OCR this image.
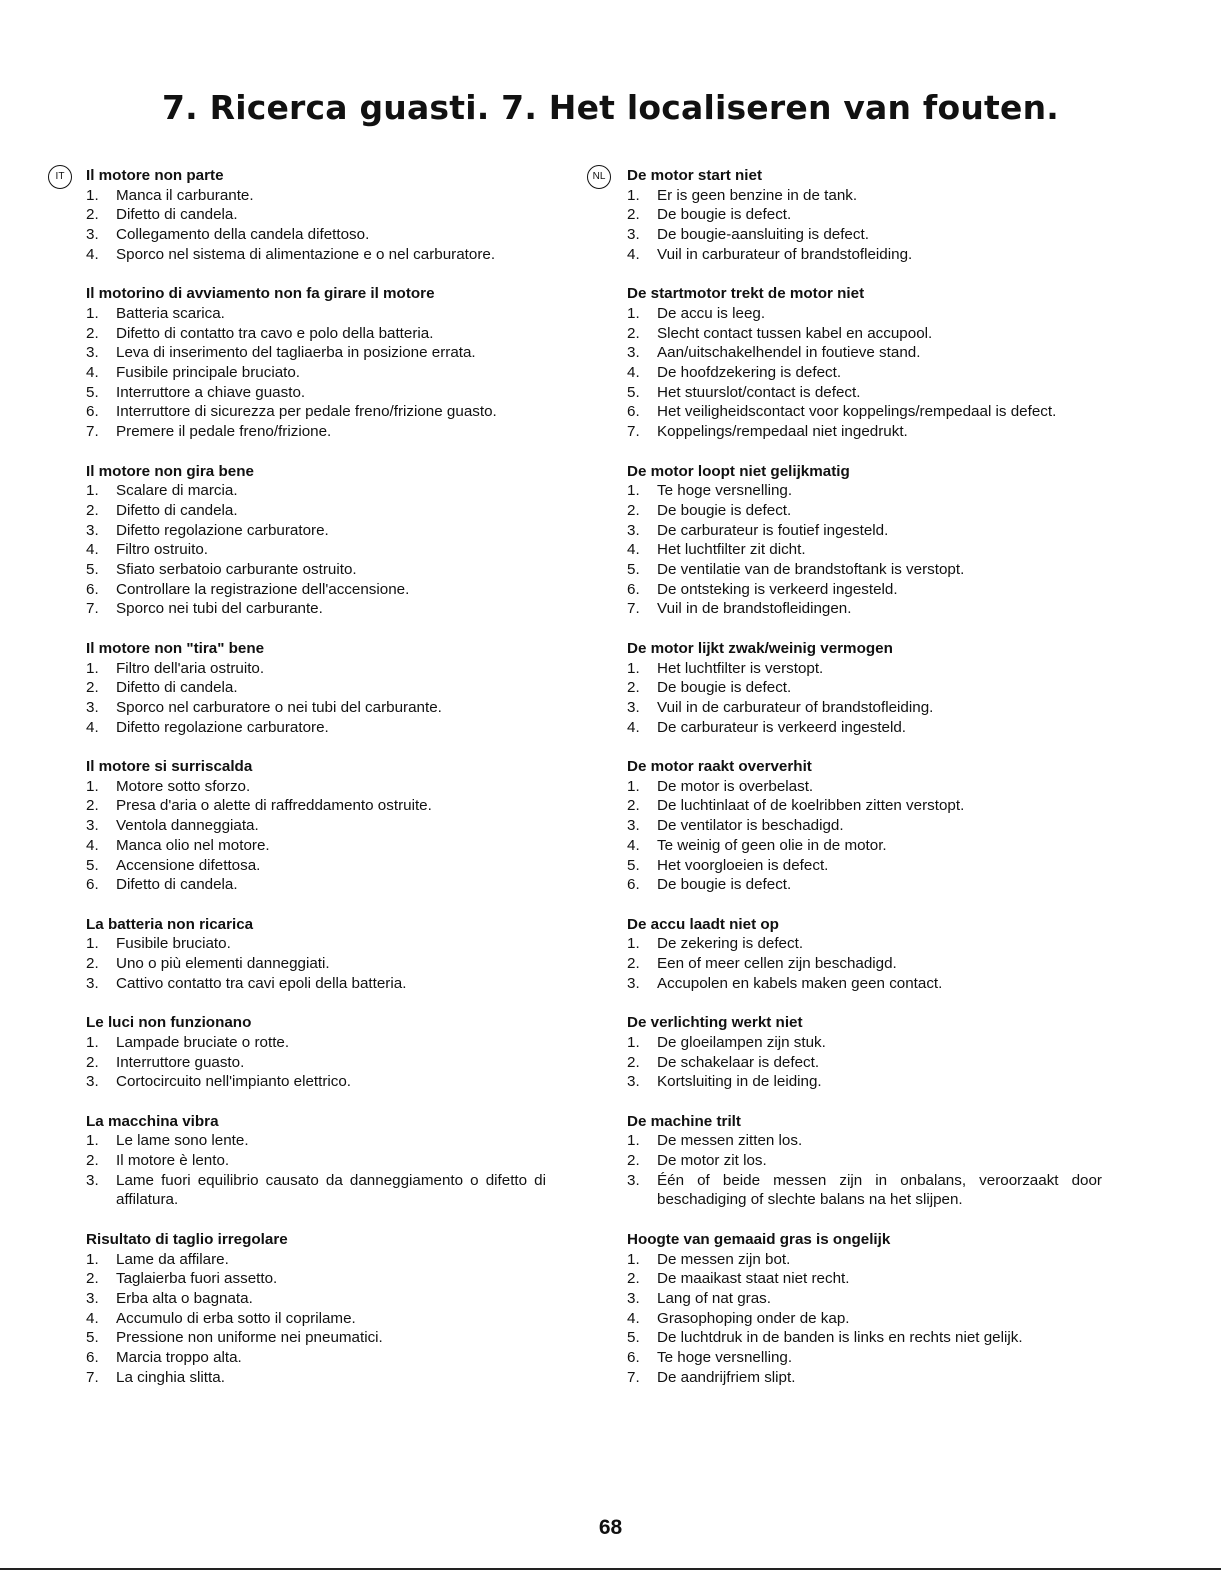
7. Ricerca guasti. 7. Het localiseren van fouten.
IT	Il motore non parte

1.	Manca il carburante.
2.	Difetto di candela.
3.	Collegamento della candela difettoso.
4.	Sporco nel sistema di alimentazione e o nel carburatore.

Il motorino di avviamento non fa girare il motore

1.	Batteria scarica.
2.	Difetto di contatto tra cavo e polo della batteria.
3.	Leva di inserimento del tagliaerba in posizione errata.
4.	Fusibile principale bruciato.
5.	Interruttore a chiave guasto.
6.	Interruttore di sicurezza per pedale freno/frizione guasto.
7.	Premere il pedale freno/frizione.

Il motore non gira bene

1.	Scalare di marcia.
2.	Difetto di candela.
3.	Difetto regolazione carburatore.
4.	Filtro ostruito.
5.	Sfiato serbatoio carburante ostruito.
6.	Controllare la registrazione dell'accensione.
7.	Sporco nei tubi del carburante.

Il motore non "tira" bene

1.	Filtro dell'aria ostruito.
2.	Difetto di candela.
3.	Sporco nel carburatore o nei tubi del carburante.
4.	Difetto regolazione carburatore.

Il motore si surriscalda

1.	Motore sotto sforzo.
2.	Presa d'aria o alette di raffreddamento ostruite.
3.	Ventola danneggiata.
4.	Manca olio nel motore.
5.	Accensione difettosa.
6.	Difetto di candela.

La batteria non ricarica

1.	Fusibile bruciato.
2.	Uno o più elementi danneggiati.
3.	Cattivo contatto tra cavi epoli della batteria.

Le luci non funzionano

1.	Lampade bruciate o rotte.
2.	Interruttore guasto.
3.	Cortocircuito nell'impianto elettrico.

La macchina vibra

1.	Le lame sono lente.
2.	Il motore è lento.
3.	Lame fuori equilibrio causato da danneggiamento o difetto di affilatura.

Risultato di taglio irregolare

1.	Lame da affilare.
2.	Taglaierba fuori assetto.
3.	Erba alta o bagnata.
4.	Accumulo di erba sotto il coprilame.
5.	Pressione non uniforme nei pneumatici.
6.	Marcia troppo alta.
7.	La cinghia slitta.
NL	De motor start niet

1.	Er is geen benzine in de tank.
2.	De bougie is defect.
3.	De bougie-aansluiting is defect.
4.	Vuil in carburateur of brandstofleiding.

De startmotor trekt de motor niet

1.	De accu is leeg.
2.	Slecht contact tussen kabel en accupool.
3.	Aan/uitschakelhendel in foutieve stand.
4.	De hoofdzekering is defect.
5.	Het stuurslot/contact is defect.
6.	Het veiligheidscontact voor koppelings/rempedaal is defect.
7.	Koppelings/rempedaal niet ingedrukt.

De motor loopt niet gelijkmatig

1.	Te hoge versnelling.
2.	De bougie is defect.
3.	De carburateur is foutief ingesteld.
4.	Het luchtfilter zit dicht.
5.	De ventilatie van de brandstoftank is verstopt.
6.	De ontsteking is verkeerd ingesteld.
7.	Vuil in de brandstofleidingen.

De motor lijkt zwak/weinig vermogen

1.	Het luchtfilter is verstopt.
2.	De bougie is defect.
3.	Vuil in de carburateur of brandstofleiding.
4.	De carburateur is verkeerd ingesteld.

De motor raakt oververhit

1.	De motor is overbelast.
2.	De luchtinlaat of de koelribben zitten verstopt.
3.	De ventilator is beschadigd.
4.	Te weinig of geen olie in de motor.
5.	Het voorgloeien is defect.
6.	De bougie is defect.

De accu laadt niet op

1.	De zekering is defect.
2.	Een of meer cellen zijn beschadigd.
3.	Accupolen en kabels maken geen contact.

De verlichting werkt niet

1.	De gloeilampen zijn stuk.
2.	De schakelaar is defect.
3.	Kortsluiting in de leiding.

De machine trilt

1.	De messen zitten los.
2.	De motor zit los.
3.	Één of beide messen zijn in onbalans, veroorzaakt door beschadiging of slechte balans na het slijpen.

Hoogte van gemaaid gras is ongelijk

1.	De messen zijn bot.
2.	De maaikast staat niet recht.
3.	Lang of nat gras.
4.	Grasophoping onder de kap.
5.	De luchtdruk in de banden is links en rechts niet gelijk.
6.	Te hoge versnelling.
7.	De aandrijfriem slipt.
68
